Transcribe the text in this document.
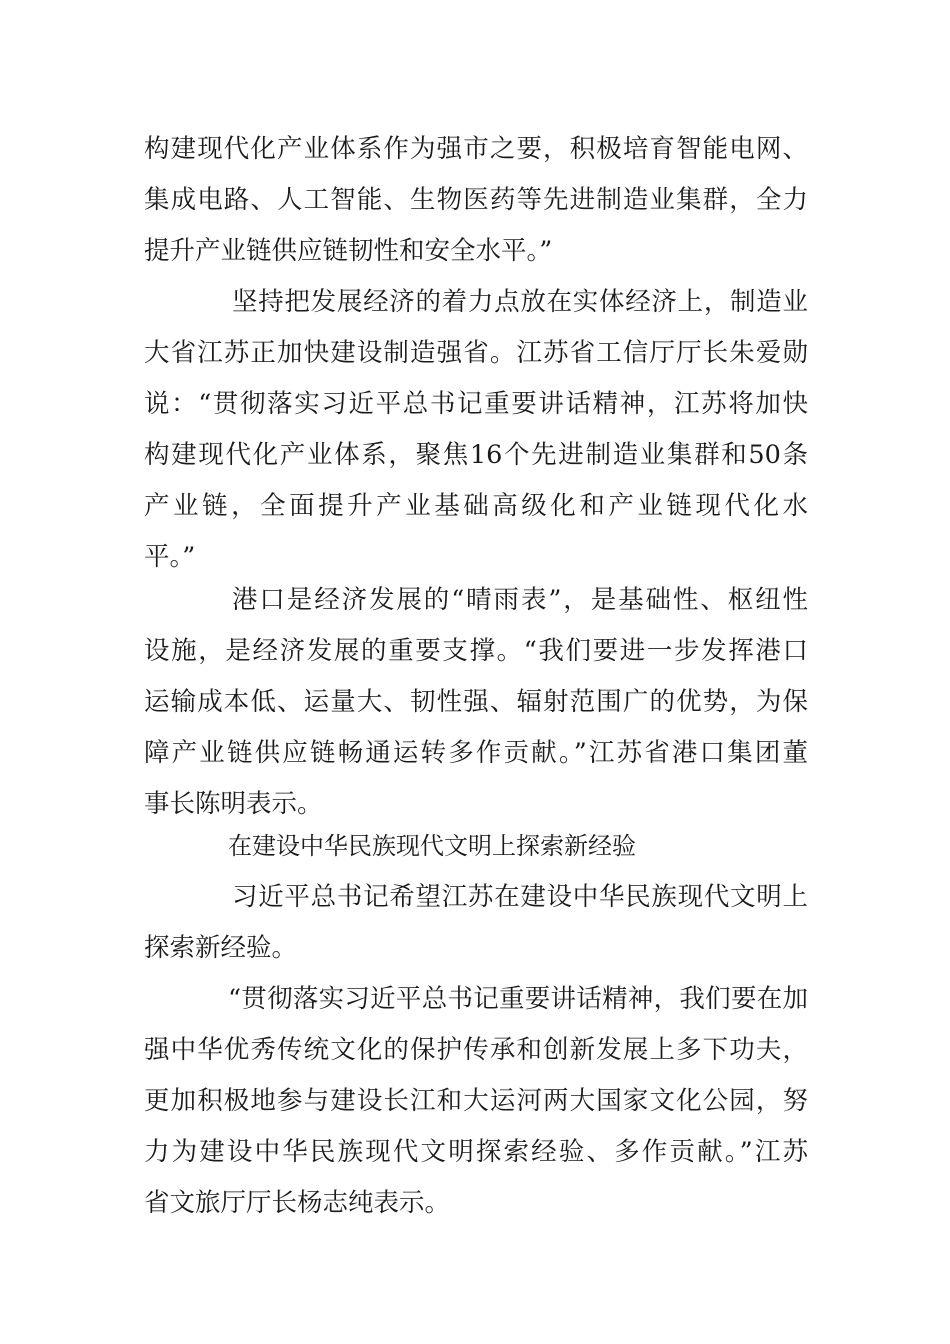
构建现代化产业体系作为强市之要，积极培育智能电网、
集成电路、人工智能、生物医药等先进制造业集群，全力
提升产业链供应链韧性和安全水平。”
坚持把发展经济的着力点放在实体经济上，制造业
大省江苏正加快建设制造强省。江苏省工信厅厅长朱爱勋
说：“贯彻落实习近平总书记重要讲话精神，江苏将加快
构建现代化产业体系，聚焦16个先进制造业集群和50条
产业链，全面提升产业基础高级化和产业链现代化水
平。”
港口是经济发展的“晴雨表”，是基础性、枢纽性
设施，是经济发展的重要支撑。“我们要进一步发挥港口
运输成本低、运量大、韧性强、辐射范围广的优势，为保
障产业链供应链畅通运转多作贡献。”江苏省港口集团董
事长陈明表示。
在建设中华民族现代文明上探索新经验
习近平总书记希望江苏在建设中华民族现代文明上
探索新经验。
“贯彻落实习近平总书记重要讲话精神，我们要在加
强中华优秀传统文化的保护传承和创新发展上多下功夫，
更加积极地参与建设长江和大运河两大国家文化公园，努
力为建设中华民族现代文明探索经验、多作贡献。”江苏
省文旅厅厅长杨志纯表示。
